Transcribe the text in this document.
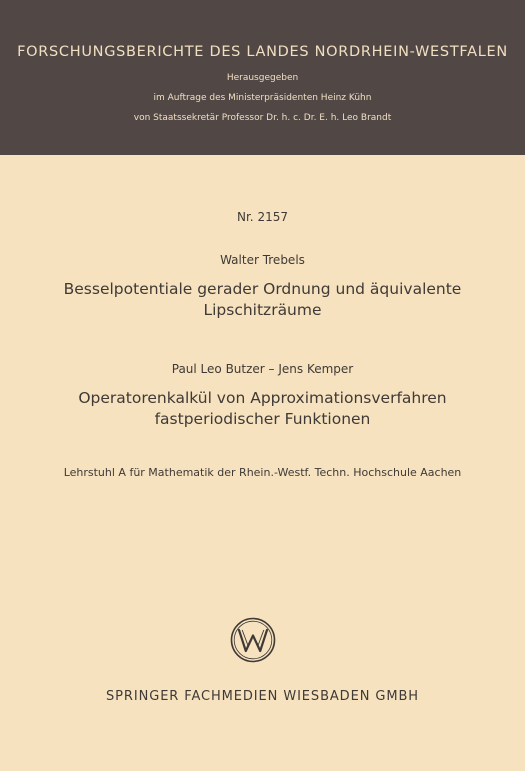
FORSCHUNGSBERICHTE DES LANDES NORDRHEIN-WESTFALEN
Herausgegeben
im Auftrage des Ministerpräsidenten Heinz Kühn
von Staatssekretär Professor Dr. h. c. Dr. E. h. Leo Brandt
Nr. 2157
Walter Trebels
Besselpotentiale gerader Ordnung und äquivalente
Lipschitzräume
Paul Leo Butzer – Jens Kemper
Operatorenkalkül von Approximationsverfahren
fastperiodischer Funktionen
Lehrstuhl A für Mathematik der Rhein.-Westf. Techn. Hochschule Aachen
SPRINGER FACHMEDIEN WIESBADEN GMBH
